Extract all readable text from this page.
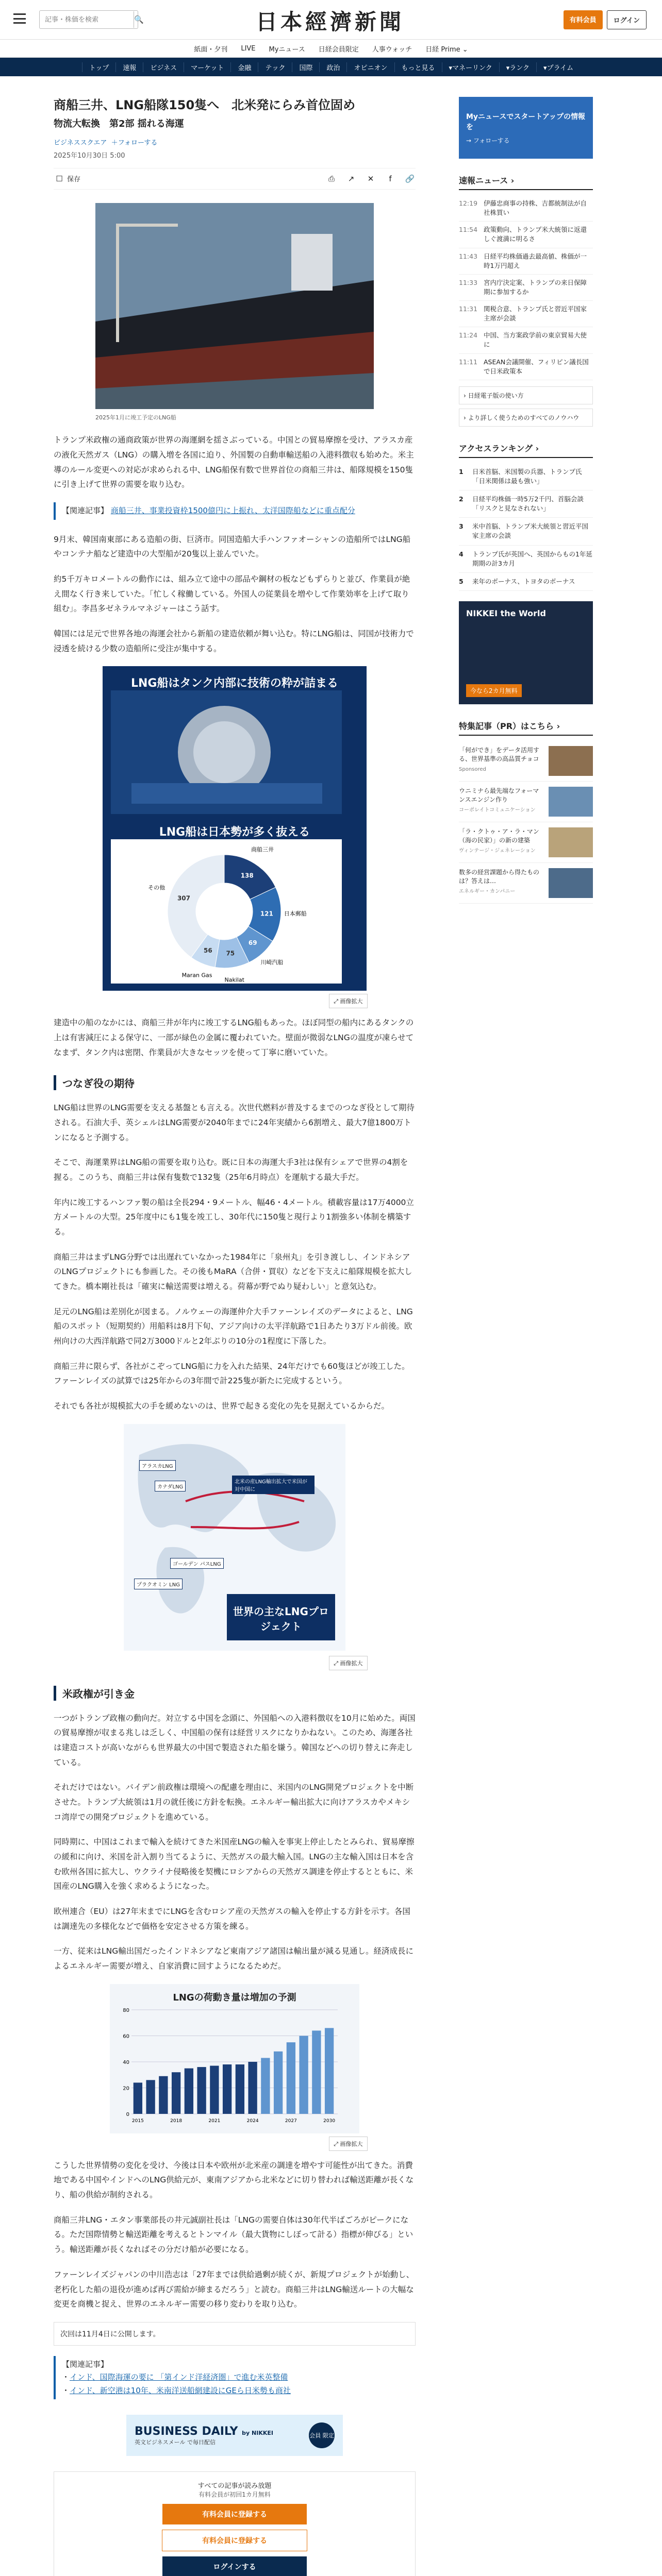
記事・株価を検索
🔍	日本經濟新聞	有料会員	ログイン
紙面・夕刊 LIVE Myニュース 日経会員限定 人事ウォッチ 日経 Prime ⌄
トップ	速報	ビジネス	マーケット	金融	テック	国際	政治	オピニオン	もっと見る	▾マネーリンク	▾ランク	▾プライム
商船三井、LNG船隊150隻へ　北米発にらみ首位固め
物流大転換　第2部 揺れる海運
ビジネススクエア ＋フォローする
2025年10月30日 5:00
☐ 保存	⎙	↗	✕	f	🔗
2025年1月に竣工予定のLNG船

トランプ米政権の通商政策が世界の海運網を揺さぶっている。中国との貿易摩擦を受け、アラスカ産の液化天然ガス（LNG）の購入増を各国に迫り、外国製の自動車輸送船の入港料徴収も始めた。米主導のルール変更への対応が求められる中、LNG船保有数で世界首位の商船三井は、船隊規模を150隻に引き上げて世界の需要を取り込む。

【関連記事】 商船三井、事業投資枠1500億円に上振れ、太洋国際船などに重点配分

9月末、韓国南東部にある造船の街、巨済市。同国造船大手ハンファオーシャンの造船所ではLNG船やコンテナ船など建造中の大型船が20隻以上並んでいた。

約5千万キロメートルの動作には、組み立て途中の部品や鋼材の板などもずらりと並び、作業員が絶え間なく行き来していた。「忙しく稼働している。外国人の従業員を増やして作業効率を上げて取り組む」。李昌多ゼネラルマネジャーはこう話す。

韓国には足元で世界各地の海運会社から新船の建造依頼が舞い込む。特にLNG船は、同国が技術力で浸透を続ける少数の造船所に受注が集中する。

LNG船はタンク内部に技術の粋が詰まる
LNG船は日本勢が多く抜える
商船三井
138
日本郵船
121
川崎汽船
69
Nakilat
75
Maran Gas
56
その他
307
⤢ 画像拡大

建造中の船のなかには、商船三井が年内に竣工するLNG船もあった。ほぼ同型の船内にあるタンクの上は有害減圧による保守に、一部が緑色の金属に覆われていた。壁面が微弱なLNGの温度が凍らせてなまず、タンク内は密閉、作業員が大きなセッツを使って丁寧に磨いていた。

つなぎ役の期待

LNG船は世界のLNG需要を支える基盤とも言える。次世代燃料が普及するまでのつなぎ役として期待される。石油大手、英シェルはLNG需要が2040年までに24年実績から6割増え、最大7億1800万トンになると予測する。

そこで、海運業界はLNG船の需要を取り込む。既に日本の海運大手3社は保有シェアで世界の4割を握る。このうち、商船三井は保有隻数で132隻（25年6月時点）を運航する最大手だ。

年内に竣工するハンファ製の船は全長294・9メートル、幅46・4メートル。積載容量は17万4000立方メートルの大型。25年度中にも1隻を竣工し、30年代に150隻と現行より1割強多い体制を構築する。

商船三井はまずLNG分野では出遅れていなかった1984年に「泉州丸」を引き渡しし、インドネシアのLNGプロジェクトにも参画した。その後もMaRA（合併・買収）などを下支えに船隊規模を拡大してきた。橋本剛社長は「確実に輸送需要は増える。荷幕が野でぬり疑わしい」と意気込む。

足元のLNG船は差別化が図まる。ノルウェーの海運仲介大手ファーンレイズのデータによると、LNG船のスポット（短期契約）用船料は8月下旬、アジア向けの太平洋航路で1日あたり3万ドル前後。欧州向けの大西洋航路で同2万3000ドルと2年ぶりの10分の1程度に下落した。

商船三井に限らず、各社がこぞってLNG船に力を入れた結果、24年だけでも60隻ほどが竣工した。ファーンレイズの試算では25年からの3年間で計225隻が新たに完成するという。

それでも各社が規模拡大の手を緩めないのは、世界で起きる変化の先を見据えているからだ。

世界の主なLNGプロジェクト
北米の産LNG輸出拡大で米国が対中国に
アラスカLNG
カナダLNG
ゴールデン パスLNG
プラクオミン LNG
⤢ 画像拡大
米政権が引き金

一つがトランプ政権の動向だ。対立する中国を念頭に、外国船への入港料徴収を10月に始めた。両国の貿易摩擦が収まる兆しは乏しく、中国船の保有は経営リスクになりかねない。このため、海運各社は建造コストが高いながらも世界最大の中国で製造された船を嫌う。韓国などへの切り替えに奔走している。

それだけではない。バイデン前政権は環境への配慮を理由に、米国内のLNG開発プロジェクトを中断させた。トランプ大統領は1月の就任後に方針を転換。エネルギー輸出拡大に向けアラスカやメキシコ湾岸での開発プロジェクトを進めている。

同時期に、中国はこれまで輸入を続けてきた米国産LNGの輸入を事実上停止したとみられ、貿易摩擦の緩和に向け、米国を計入割り当てるように、天然ガスの最大輸入国。LNGの主な輸入国は日本を含む欧州各国に拡大し、ウクライナ侵略後を契機にロシアからの天然ガス調達を停止するとともに、米国産のLNG購入を強く求めるようになった。

欧州連合（EU）は27年末までにLNGを含むロシア産の天然ガスの輸入を停止する方針を示す。各国は調達先の多様化などで価格を安定させる方策を練る。

一方、従来はLNG輸出国だったインドネシアなど東南アジア諸国は輸出量が減る見通し。経済成長によるエネルギー需要が増え、自家消費に回すようになるためだ。

LNGの荷動き量は増加の予測
0
20
40
60
80
2015	2018	2021	2024	2027	2030
⤢ 画像拡大

こうした世界情勢の変化を受け、今後は日本や欧州が北米産の調達を増やす可能性が出てきた。消費地である中国やインドへのLNG供給元が、東南アジアから北米などに切り替われば輸送距離が長くなり、船の供給が制約される。

商船三井LNG・エタン事業部長の井元誠副社長は「LNGの需要自体は30年代半ばごろがピークになる。ただ国際情勢と輸送距離を考えるとトンマイル（最大貨物にしぼって計る）指標が伸びる」という。輸送距離が長くなればその分だけ船が必要になる。

ファーンレイズジャパンの中川浩志は「27年までは供給過剰が続くが、新規プロジェクトが始動し、老朽化した船の退役が進めば再び需給が締まるだろう」と読む。商船三井はLNG輸送ルートの大幅な変更を商機と捉え、世界のエネルギー需要の移り変わりを取り込む。

次回は11月4日に公開します。
【関連記事】
・インド、国際海運の要に 「第インド洋経済圏」で進む米英整備
・インド、新空港は10年、米南洋送船網建設にGEら日米勢も商社
BUSINESS DAILY by NIKKEI
英文ビジネスメール で毎日配信
会員 限定
すべての記事が読み放題
有料会員が初回1カ月無料
有料会員に登録する
有料会員に登録する
ログインする
Myニュースでスタートアップの情報を
→ フォローする
速報ニュース ›
12:19 伊藤忠商事の持株、吉都統制法が自社株買い
11:54 政策動向、トランプ米大統領に返還しぐ渡満に明るさ
11:43 日経平均株価過去最高値、株価が一時1万円超え
11:33 宮内庁決定案、トランプの来日保障期に参加するか
11:31 関税合意、トランプ氏と習近平国家主席が会談
11:24 中国、当方案政学前の東京貿易大使に
11:11 ASEAN会議開催、フィリピン議長国で日米政策本
› 日経電子版の使い方
› より詳しく使うためのすべてのノウハウ
アクセスランキング ›
1	日米首脳、米国製の兵器、トランプ氏「日米関係は最も強い」
2	日経平均株価一時5万2千円、首脳会談「リスクと見なされない」
3	米中首脳、トランプ米大統領と習近平国家主席の会談
4	トランプ氏が英国へ、英国からもの1年延期期の計3カ月
5	来年のボーナス、トヨタのボーナス
NIKKEI the World
今なら2カ月無料
特集記事（PR）はこちら ›
「何ができ」をデータ活用する、世界基準の高品質チョコ
Sponsored
ウニミナら最先端なフォーマンスエンジン作り
コーポレイトコミュニケーション
「ラ・クトゥ・ア・ラ・マン（海の民家）」の新の建築
ヴィンテージ・ジェネレーション
数多の経営課題から得たものは？答えは…
エネルギー・カンパニー
